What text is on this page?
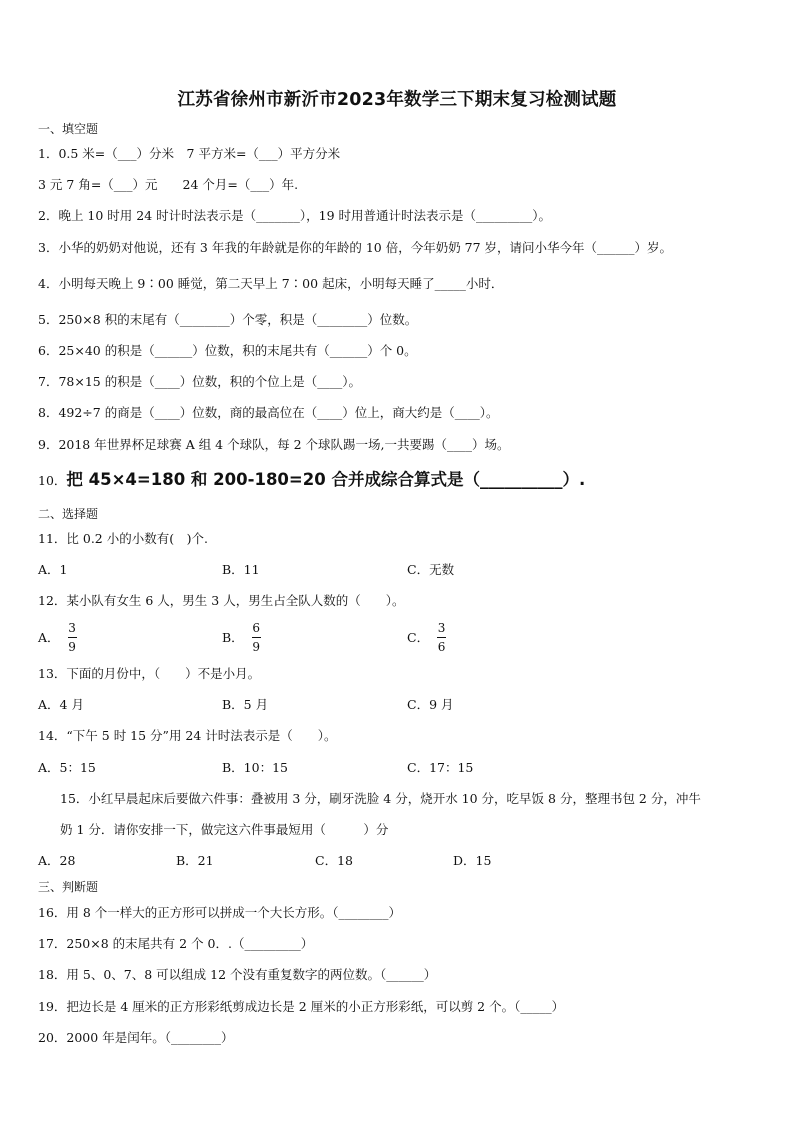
江苏省徐州市新沂市2023年数学三下期末复习检测试题
一、填空题
1．0.5 米=（___）分米　7 平方米=（___）平方分米
3 元 7 角=（___）元　　24 个月=（___）年.
2．晚上 10 时用 24 时计时法表示是（_______），19 时用普通计时法表示是（_________）。
3．小华的奶奶对他说，还有 3 年我的年龄就是你的年龄的 10 倍，今年奶奶 77 岁，请问小华今年（______）岁。
4．小明每天晚上 9∶00 睡觉，第二天早上 7∶00 起床，小明每天睡了_____小时．
5．250×8 积的末尾有（________）个零，积是（________）位数。
6．25×40 的积是（______）位数，积的末尾共有（______）个 0。
7．78×15 的积是（____）位数，积的个位上是（____）。
8．492÷7 的商是（____）位数，商的最高位在（____）位上，商大约是（____）。
9．2018 年世界杯足球赛 A 组 4 个球队，每 2 个球队踢一场,一共要踢（____）场。
10．把 45×4=180 和 200-180=20 合并成综合算式是（__________）.
二、选择题
11．比 0.2 小的小数有(　)个.
A．1	B．11	C．无数
12．某小队有女生 6 人，男生 3 人，男生占全队人数的（　　）。
A． $\frac{3}{9}$	B． $\frac{6}{9}$	C． $\frac{3}{6}$
13．下面的月份中，（　　）不是小月。
A．4 月	B．5 月	C．9 月
14．“下午 5 时 15 分”用 24 计时法表示是（　　）。
A．5：15	B．10：15	C．17：15
15．小红早晨起床后要做六件事：叠被用 3 分，刷牙洗脸 4 分，烧开水 10 分，吃早饭 8 分，整理书包 2 分，冲牛
奶 1 分．请你安排一下，做完这六件事最短用（　　　）分
A．28	B．21	C．18	D．15
三、判断题
16．用 8 个一样大的正方形可以拼成一个大长方形。（________）
17．250×8 的末尾共有 2 个 0．.（_________）
18．用 5、0、7、8 可以组成 12 个没有重复数字的两位数。（______）
19．把边长是 4 厘米的正方形彩纸剪成边长是 2 厘米的小正方形彩纸，可以剪 2 个。（_____）
20．2000 年是闰年。（________）
